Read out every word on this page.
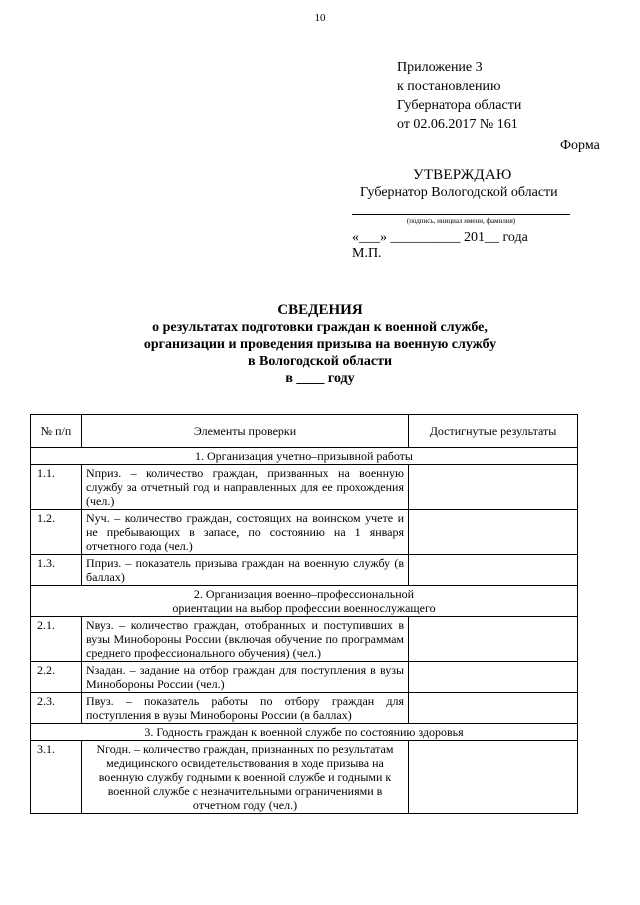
10
Приложение 3
к постановлению
Губернатора области
от 02.06.2017 № 161
Форма
УТВЕРЖДАЮ
Губернатор Вологодской области
(подпись, инициал имени, фамилия)
«___» __________ 201__ года
М.П.
СВЕДЕНИЯ
о результатах подготовки граждан к военной службе,
организации и проведения призыва на военную службу
в Вологодской области
в ____ году
№ п/п	Элементы проверки	Достигнутые результаты
1. Организация учетно–призывной работы		
1.1.	Nприз. – количество граждан, призванных на военную службу за отчетный год и направленных для ее прохождения (чел.)	
1.2.	Nуч. – количество граждан, состоящих на воинском учете и не пребывающих в запасе, по состоянию на 1 января отчетного года (чел.)	
1.3.	Пприз. – показатель призыва граждан на военную службу (в баллах)	
2. Организация военно–профессиональной
ориентации на выбор профессии военнослужащего		
2.1.	Nвуз. – количество граждан, отобранных и поступивших в вузы Минобороны России (включая обучение по программам среднего профессионального обучения) (чел.)	
2.2.	Nзадан. – задание на отбор граждан для поступления в вузы Минобороны России (чел.)	
2.3.	Пвуз. – показатель работы по отбору граждан для поступления в вузы Минобороны России (в баллах)	
3. Годность граждан к военной службе по состоянию здоровья		
3.1.	Nгодн. – количество граждан, признанных по результатам медицинского освидетельствования в ходе призыва на военную службу годными к военной службе и годными к военной службе с незначительными ограничениями в отчетном году (чел.)	
